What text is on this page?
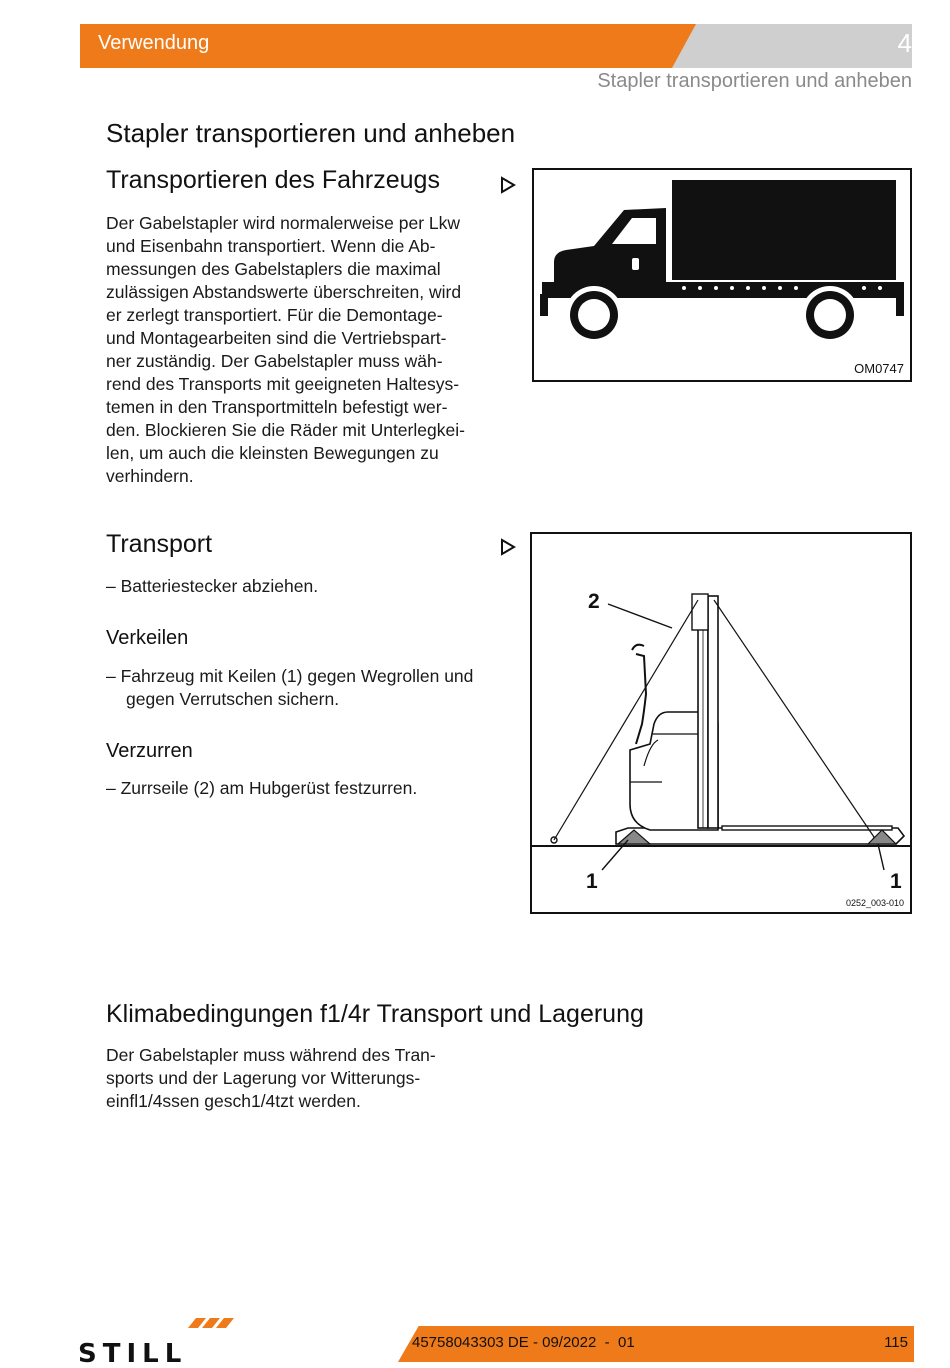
Verwendung	4
Stapler transportieren und anheben
Stapler transportieren und anheben
Transportieren des Fahrzeugs
Der Gabelstapler wird normalerweise per Lkw
und Eisenbahn transportiert. Wenn die Ab-
messungen des Gabelstaplers die maximal
zulässigen Abstandswerte überschreiten, wird
er zerlegt transportiert. Für die Demontage-
und Montagearbeiten sind die Vertriebspart-
ner zuständig. Der Gabelstapler muss wäh-
rend des Transports mit geeigneten Haltesys-
temen in den Transportmitteln befestigt wer-
den. Blockieren Sie die Räder mit Unterlegkei-
len, um auch die kleinsten Bewegungen zu
verhindern.
OM0747
Transport
– Batteriestecker abziehen.
Verkeilen
– Fahrzeug mit Keilen (1) gegen Wegrollen und gegen Verrutschen sichern.
Verzurren
– Zurrseile (2) am Hubgerüst festzurren.
2
1	1
0252_003-010
Klimabedingungen f1/4r Transport und Lagerung
Der Gabelstapler muss während des Tran-
sports und der Lagerung vor Witterungs-
einfl1/4ssen gesch1/4tzt werden.
STILL	45758043303 DE - 09/2022  -  01	115
